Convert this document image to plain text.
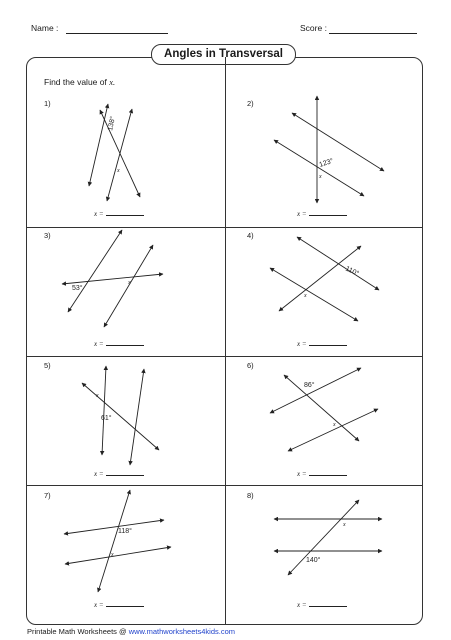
Name :	Score :
Angles in Transversal
Find the value of x.
1)	2)
3)	4)
5)	6)
7)	8)
x =	x =
x =	x =
x =	x =
x =	x =
138°
123°
53°
110°
61°
86°
118°
140°
x
x
x
x
x
x
x
x
Printable Math Worksheets @ www.mathworksheets4kids.com
